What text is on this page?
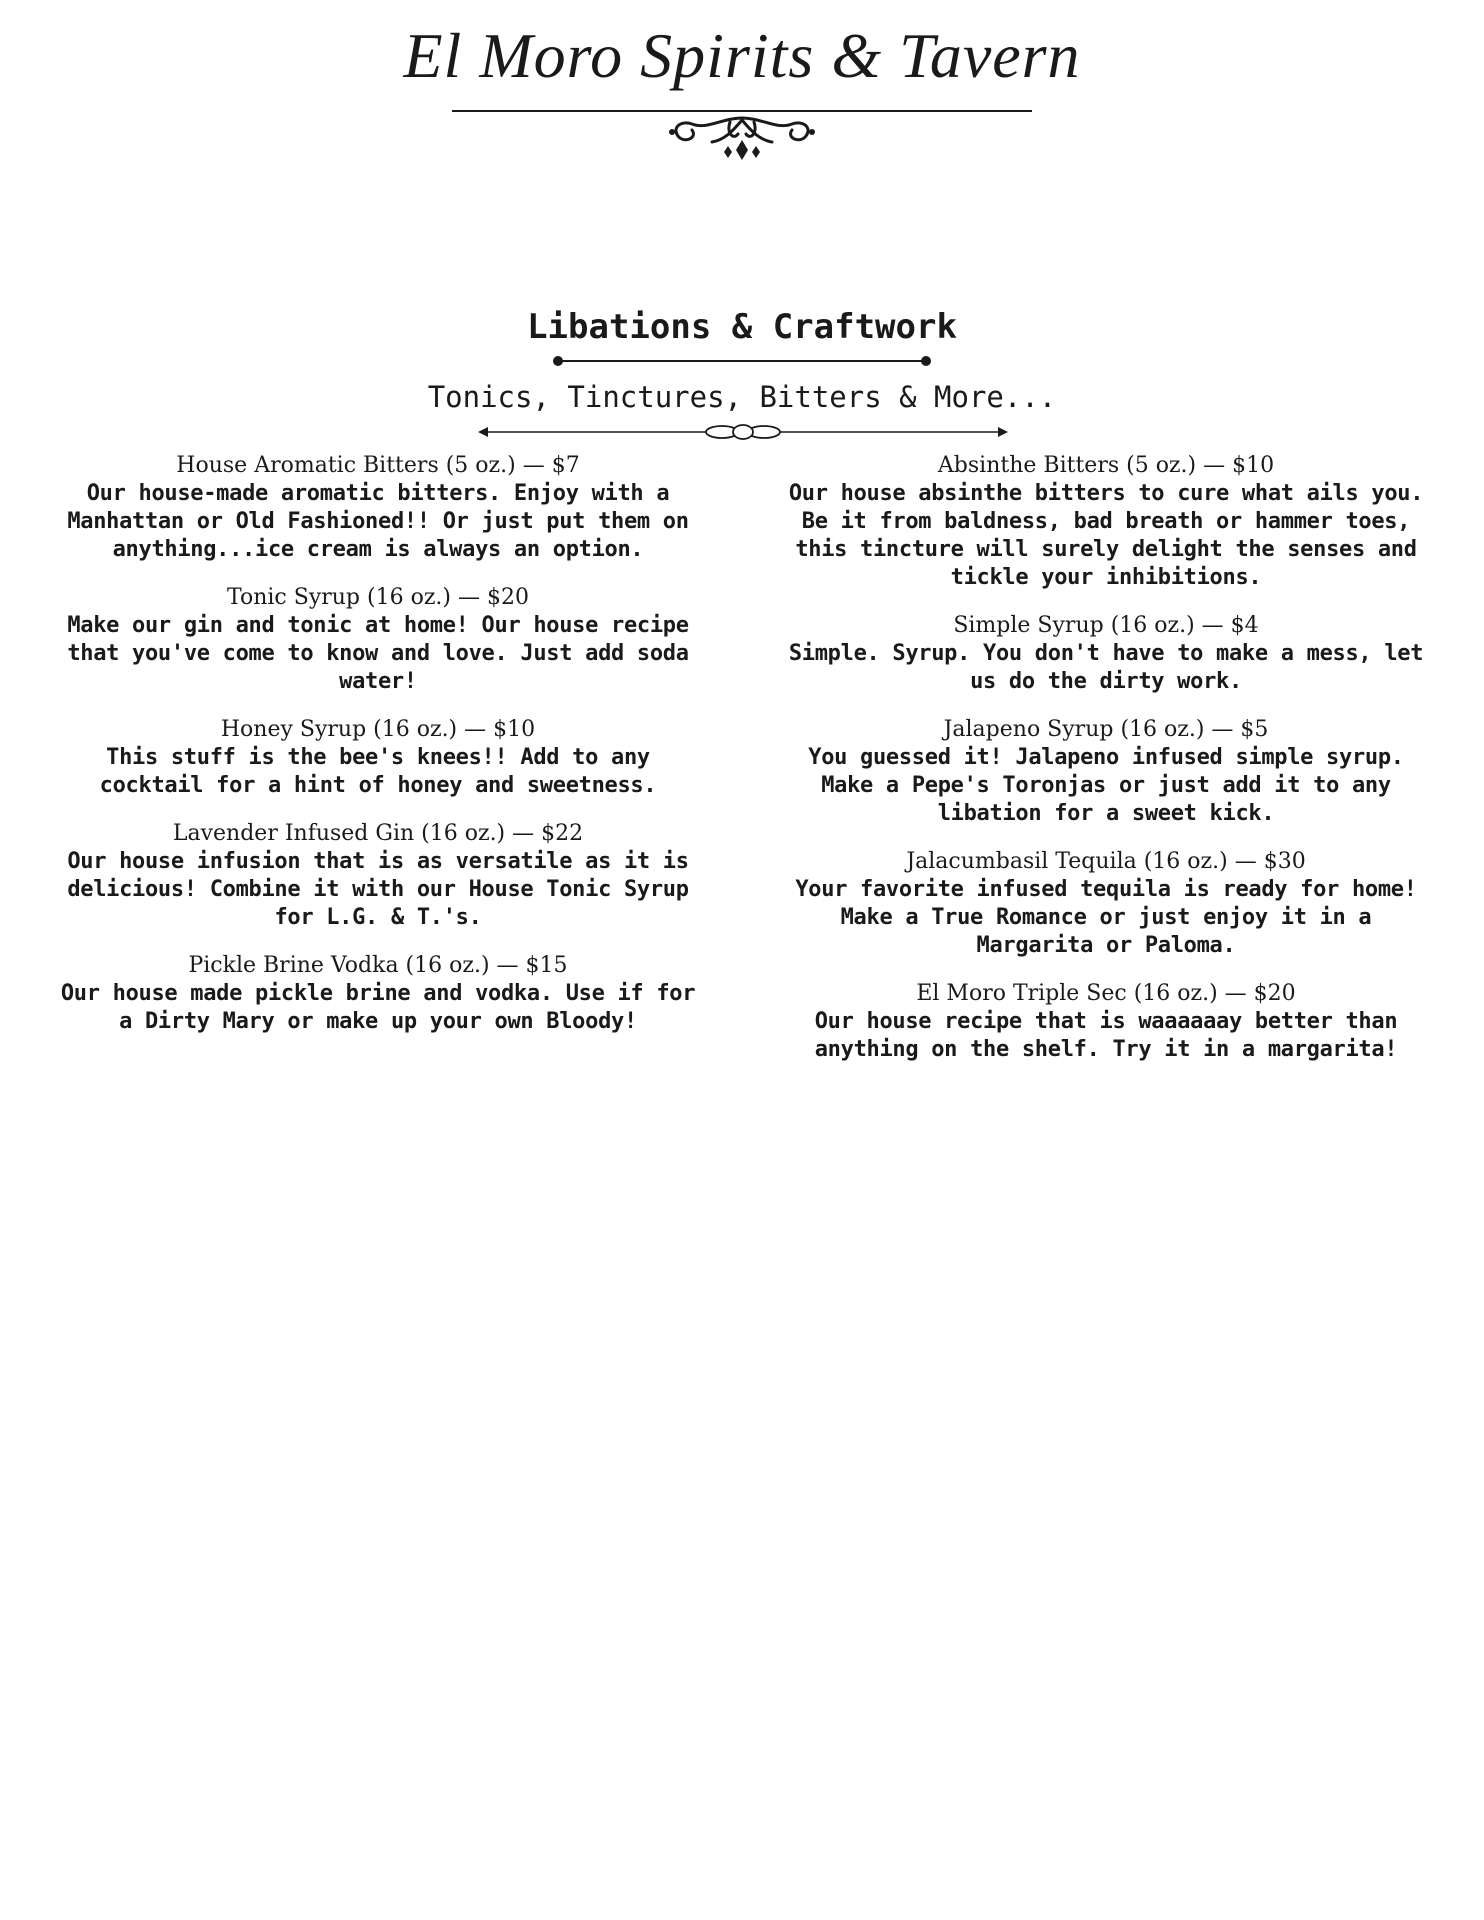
El Moro Spirits & Tavern
Libations & Craftwork
Tonics, Tinctures, Bitters & More...
House Aromatic Bitters (5 oz.) — $7
Our house-made aromatic bitters. Enjoy with a Manhattan or Old Fashioned!! Or just put them on anything...ice cream is always an option.
Tonic Syrup (16 oz.) — $20
Make our gin and tonic at home! Our house recipe that you've come to know and love. Just add soda water!
Honey Syrup (16 oz.) — $10
This stuff is the bee's knees!! Add to any cocktail for a hint of honey and sweetness.
Lavender Infused Gin (16 oz.) — $22
Our house infusion that is as versatile as it is delicious! Combine it with our House Tonic Syrup for L.G. & T.'s.
Pickle Brine Vodka (16 oz.) — $15
Our house made pickle brine and vodka. Use if for a Dirty Mary or make up your own Bloody!
Absinthe Bitters (5 oz.) — $10
Our house absinthe bitters to cure what ails you. Be it from baldness, bad breath or hammer toes, this tincture will surely delight the senses and tickle your inhibitions.
Simple Syrup (16 oz.) — $4
Simple. Syrup. You don't have to make a mess, let us do the dirty work.
Jalapeno Syrup (16 oz.) — $5
You guessed it! Jalapeno infused simple syrup. Make a Pepe's Toronjas or just add it to any libation for a sweet kick.
Jalacumbasil Tequila (16 oz.) — $30
Your favorite infused tequila is ready for home! Make a True Romance or just enjoy it in a Margarita or Paloma.
El Moro Triple Sec (16 oz.) — $20
Our house recipe that is waaaaaay better than anything on the shelf. Try it in a margarita!
